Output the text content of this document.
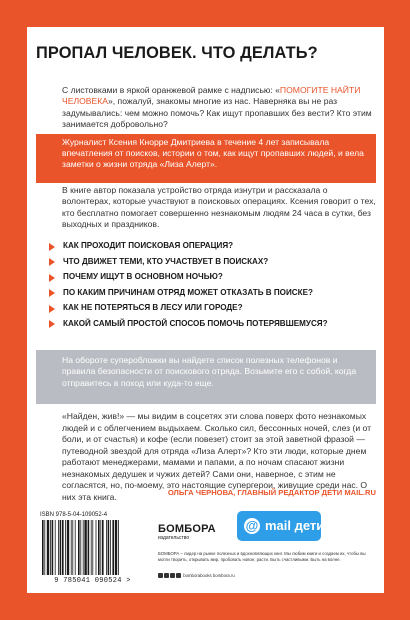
ПРОПАЛ ЧЕЛОВЕК. ЧТО ДЕЛАТЬ?
С листовками в яркой оранжевой рамке с надписью: «ПОМОГИТЕ НАЙТИ ЧЕЛОВЕКА», пожалуй, знакомы многие из нас. Наверняка вы не раз задумывались: чем можно помочь? Как ищут пропавших без вести? Кто этим занимается добровольно?
Журналист Ксения Кнорре Дмитриева в течение 4 лет записывала впечатления от поисков, истории о том, как ищут пропавших людей, и вела заметки о жизни отряда «Лиза Алерт».
В книге автор показала устройство отряда изнутри и рассказала о волонтерах, которые участвуют в поисковых операциях. Ксения говорит о тех, кто бесплатно помогает совершенно незнакомым людям 24 часа в сутки, без выходных и праздников.
КАК ПРОХОДИТ ПОИСКОВАЯ ОПЕРАЦИЯ?
ЧТО ДВИЖЕТ ТЕМИ, КТО УЧАСТВУЕТ В ПОИСКАХ?
ПОЧЕМУ ИЩУТ В ОСНОВНОМ НОЧЬЮ?
ПО КАКИМ ПРИЧИНАМ ОТРЯД МОЖЕТ ОТКАЗАТЬ В ПОИСКЕ?
КАК НЕ ПОТЕРЯТЬСЯ В ЛЕСУ ИЛИ ГОРОДЕ?
КАКОЙ САМЫЙ ПРОСТОЙ СПОСОБ ПОМОЧЬ ПОТЕРЯВШЕМУСЯ?
На обороте суперобложки вы найдете список полезных телефонов и правила безопасности от поискового отряда. Возьмите его с собой, когда отправитесь в поход или куда-то еще.
«Найден, жив!» — мы видим в соцсетях эти слова поверх фото незнакомых людей и с облегчением выдыхаем. Сколько сил, бессонных ночей, слез (и от боли, и от счастья) и кофе (если повезет) стоит за этой заветной фразой — путеводной звездой для отряда «Лиза Алерт»? Кто эти люди, которые днем работают менеджерами, мамами и папами, а по ночам спасают жизни незнакомых дедушек и чужих детей? Сами они, наверное, с этим не согласятся, но, по-моему, это настоящие супергерои, живущие среди нас. О них эта книга.	ОЛЬГА ЧЕРНОВА, ГЛАВНЫЙ РЕДАКТОР ДЕТИ MAIL.RU
ISBN 978-5-04-109052-4
9 785041 090524 >
БОМБОРА
издательство
@ mail дети
БОМБОРА – лидер на рынке полезных и вдохновляющих книг. Мы любим книги и создаем их, чтобы вы могли творить, открывать мир, пробовать новое, расти. Быть счастливыми. Быть на волне.
bomborabooks bombora.ru
